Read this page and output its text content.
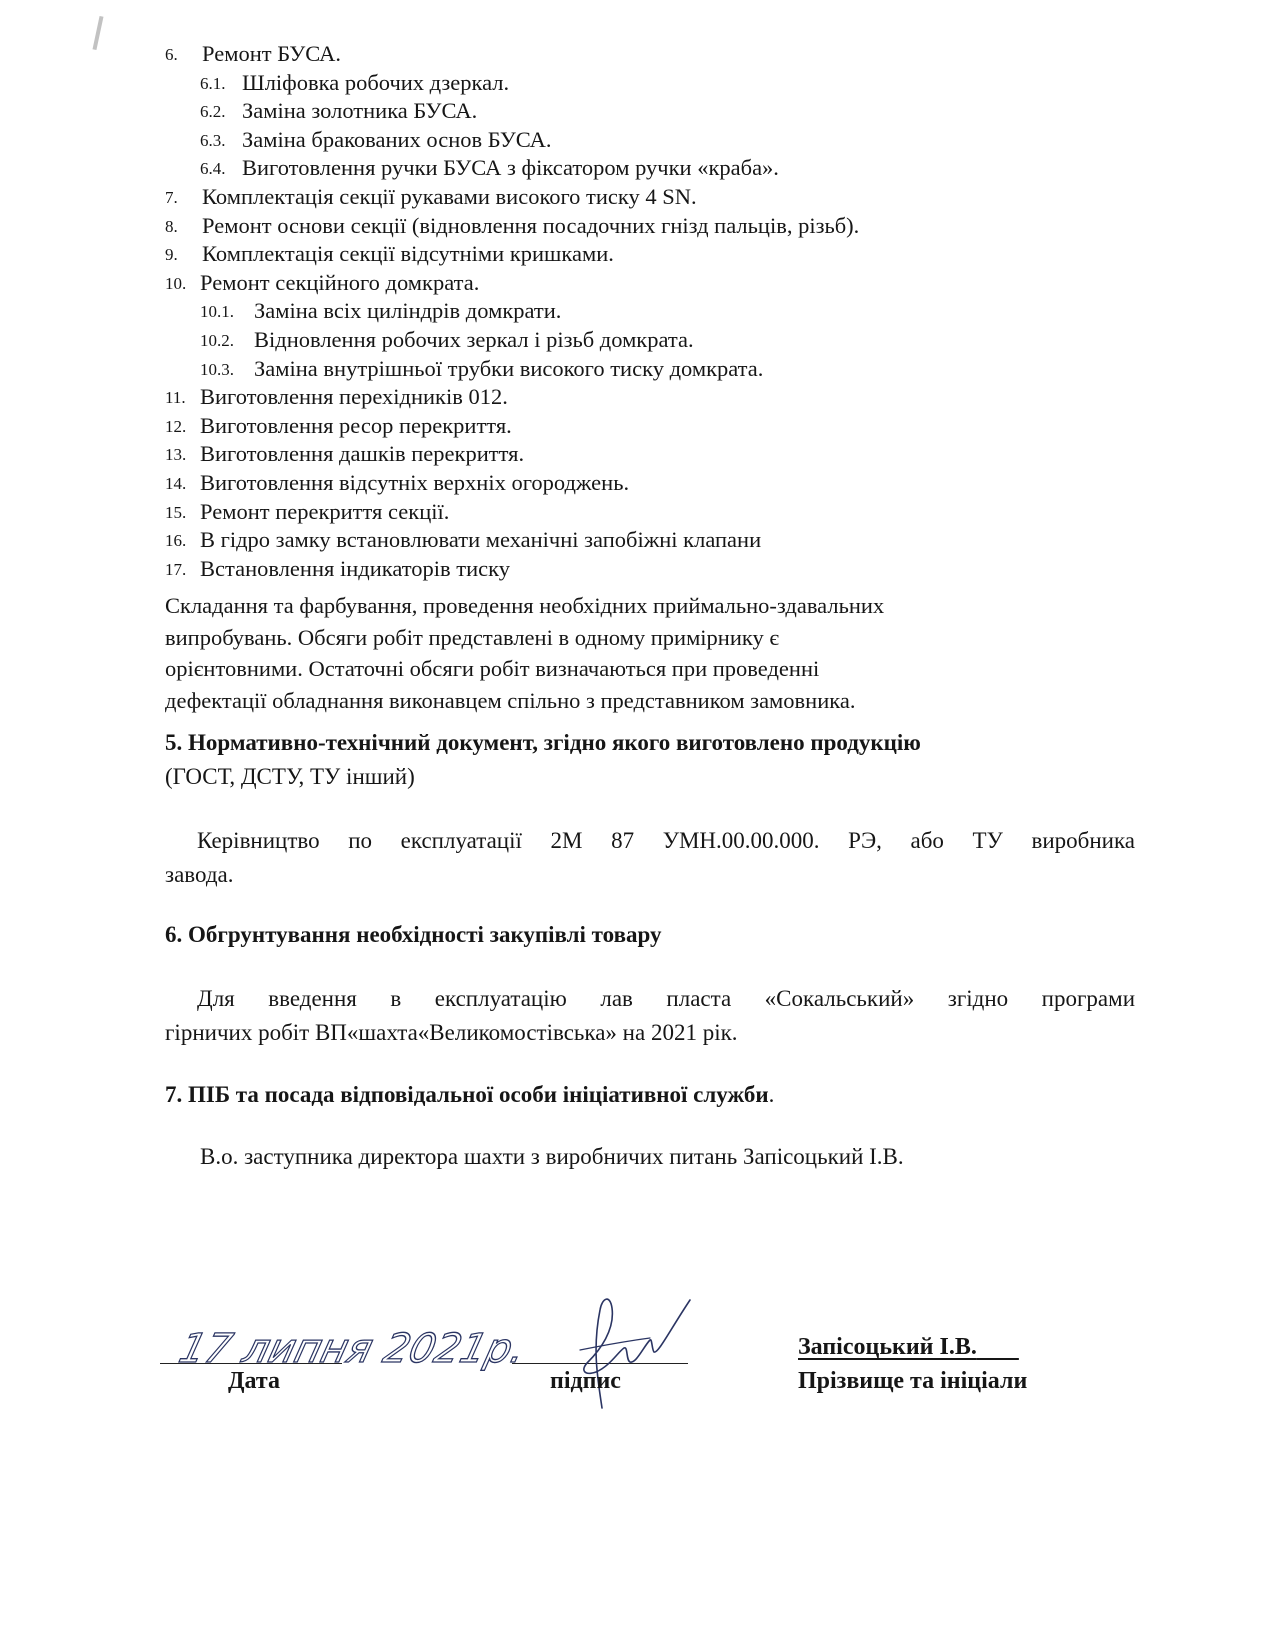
6. Ремонт БУСА.
6.1. Шліфовка робочих дзеркал.
6.2. Заміна золотника БУСА.
6.3. Заміна бракованих основ БУСА.
6.4. Виготовлення ручки БУСА з фіксатором ручки «краба».
7. Комплектація секції рукавами високого тиску 4 SN.
8. Ремонт основи секції (відновлення посадочних гнізд пальців, різьб).
9. Комплектація секції відсутніми кришками.
10. Ремонт секційного домкрата.
10.1. Заміна всіх циліндрів домкрати.
10.2. Відновлення робочих зеркал і різьб домкрата.
10.3. Заміна внутрішньої трубки високого тиску домкрата.
11. Виготовлення перехідників 012.
12. Виготовлення ресор перекриття.
13. Виготовлення дашків перекриття.
14. Виготовлення відсутніх верхніх огороджень.
15. Ремонт перекриття секції.
16. В гідро замку встановлювати механічні запобіжні клапани
17. Встановлення індикаторів тиску

Складання та фарбування, проведення необхідних приймально-здавальних

випробувань. Обсяги робіт представлені в одному примірнику є

орієнтовними. Остаточні обсяги робіт визначаються при проведенні

дефектації обладнання виконавцем спільно з представником замовника.

5. Нормативно-технічний документ, згідно якого виготовлено продукцію
(ГОСТ, ДСТУ, ТУ інший)

Керівництво по експлуатації 2М 87 УМН.00.00.000. РЭ, або ТУ виробника

завода.

6. Обгрунтування необхідності закупівлі товару

Для введення в експлуатацію лав пласта «Сокальський» згідно програми

гірничих робіт ВП«шахта«Великомостівська» на 2021 рік.

7. ПІБ та посада відповідальної особи ініціативної служби.
В.о. заступника директора шахти з виробничих питань Запісоцький І.В.
17 липня 2021р.
Дата	підпис
Запісоцький І.В.
Прізвище та ініціали
